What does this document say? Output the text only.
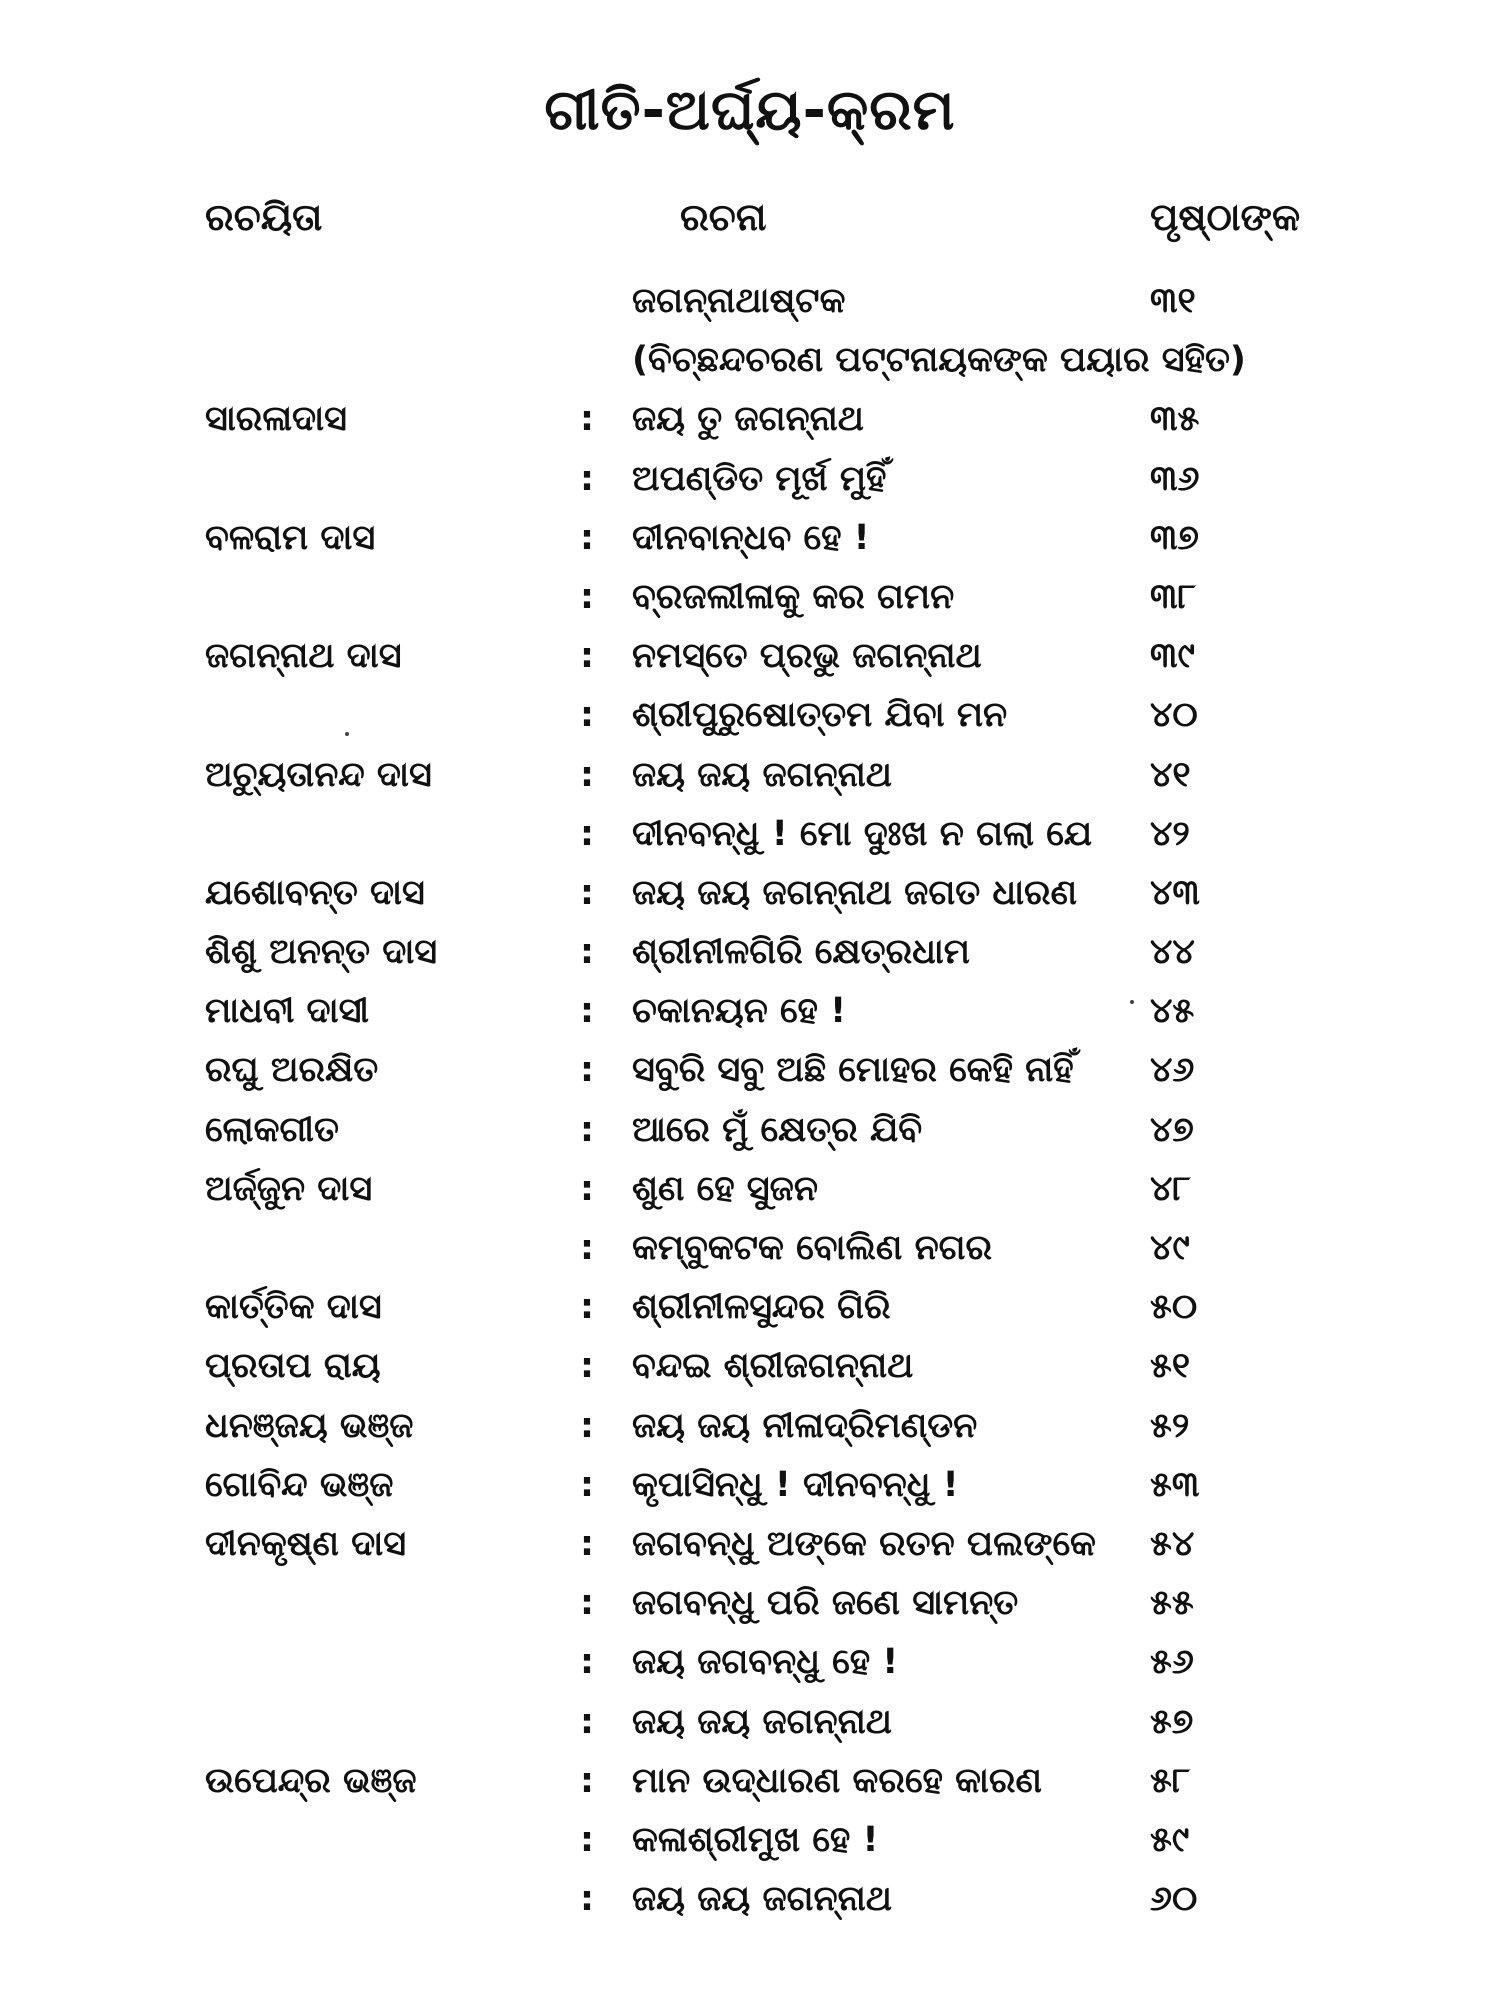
ଗୀତି-ଅର୍ଘ୍ୟ-କ୍ରମ
ରଚୟିତା	ରଚନା	ପୃଷ୍ଠାଙ୍କ
ଜଗନ୍ନାଥାଷ୍ଟକ	୩୧
(ବିଚ୍ଛନ୍ଦଚରଣ ପଟ୍ଟନାୟକଙ୍କ ପୟାର ସହିତ)
ସାରଳାଦାସ	: ଜୟ ତୁ ଜଗନ୍ନାଥ	୩୫
: ଅପଣ୍ଡିତ ମୂର୍ଖ ମୁହିଁ	୩୬
ବଳରାମ ଦାସ	: ଦୀନବାନ୍ଧବ ହେ !	୩୭
: ବ୍ରଜଲୀଳାକୁ କର ଗମନ	୩୮
ଜଗନ୍ନାଥ ଦାସ	: ନମସ୍ତେ ପ୍ରଭୁ ଜଗନ୍ନାଥ	୩୯
: ଶ୍ରୀପୁରୁଷୋତ୍ତମ ଯିବା ମନ	୪୦
ଅଚ୍ୟୁତାନନ୍ଦ ଦାସ	: ଜୟ ଜୟ ଜଗନ୍ନାଥ	୪୧
: ଦୀନବନ୍ଧୁ ! ମୋ ଦୁଃଖ ନ ଗଲା ଯେ ୪୨
ଯଶୋବନ୍ତ ଦାସ	: ଜୟ ଜୟ ଜଗନ୍ନାଥ ଜଗତ ଧାରଣ ୪୩
ଶିଶୁ ଅନନ୍ତ ଦାସ	: ଶ୍ରୀନୀଳଗିରି କ୍ଷେତ୍ରଧାମ	୪୪
ମାଧବୀ ଦାସୀ	: ଚକାନୟନ ହେ !	୪୫
ରଘୁ ଅରକ୍ଷିତ	: ସବୁରି ସବୁ ଅଛି ମୋହର କେହି ନାହିଁ ୪୬
ଲୋକଗୀତ	: ଆରେ ମୁଁ କ୍ଷେତ୍ର ଯିବି	୪୭
ଅର୍ଜ୍ଜୁନ ଦାସ	: ଶୁଣ ହେ ସୁଜନ	୪୮
: କମ୍ବୁକଟକ ବୋଲିଣ ନଗର	୪୯
କାର୍ତ୍ତିକ ଦାସ	: ଶ୍ରୀନୀଳସୁନ୍ଦର ଗିରି	୫୦
ପ୍ରତାପ ରାୟ	: ବନ୍ଦଇ ଶ୍ରୀଜଗନ୍ନାଥ	୫୧
ଧନଞ୍ଜୟ ଭଞ୍ଜ	: ଜୟ ଜୟ ନୀଳାଦ୍ରିମଣ୍ଡନ	୫୨
ଗୋବିନ୍ଦ ଭଞ୍ଜ	: କୃପାସିନ୍ଧୁ ! ଦୀନବନ୍ଧୁ !	୫୩
ଦୀନକୃଷ୍ଣ ଦାସ	: ଜଗବନ୍ଧୁ ଅଙ୍କେ ରତନ ପଲଙ୍କେ ୫୪
: ଜଗବନ୍ଧୁ ପରି ଜଣେ ସାମନ୍ତ	୫୫
: ଜୟ ଜଗବନ୍ଧୁ ହେ !	୫୬
: ଜୟ ଜୟ ଜଗନ୍ନାଥ	୫୭
ଉପେନ୍ଦ୍ର ଭଞ୍ଜ	: ମାନ ଉଦ୍ଧାରଣ କରହେ କାରଣ	୫୮
: କଳାଶ୍ରୀମୁଖ ହେ !	୫୯
: ଜୟ ଜୟ ଜଗନ୍ନାଥ	୬୦
